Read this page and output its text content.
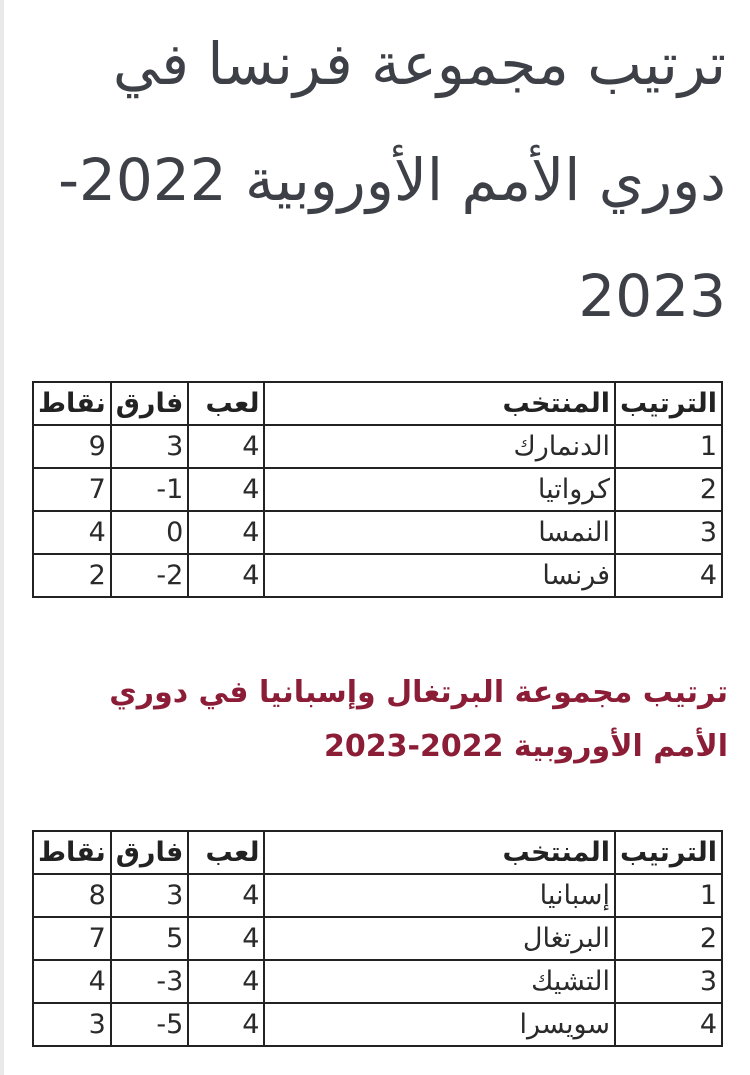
ترتيب مجموعة فرنسا في دوري الأمم الأوروبية 2022-2023
الترتيب	المنتخب	لعب	فارق	نقاط
1	الدنمارك	4	3	9
2	كرواتيا	4	1-	7
3	النمسا	4	0	4
4	فرنسا	4	2-	2
ترتيب مجموعة البرتغال وإسبانيا في دوري الأمم الأوروبية 2022-2023
الترتيب	المنتخب	لعب	فارق	نقاط
1	إسبانيا	4	3	8
2	البرتغال	4	5	7
3	التشيك	4	3-	4
4	سويسرا	4	5-	3
